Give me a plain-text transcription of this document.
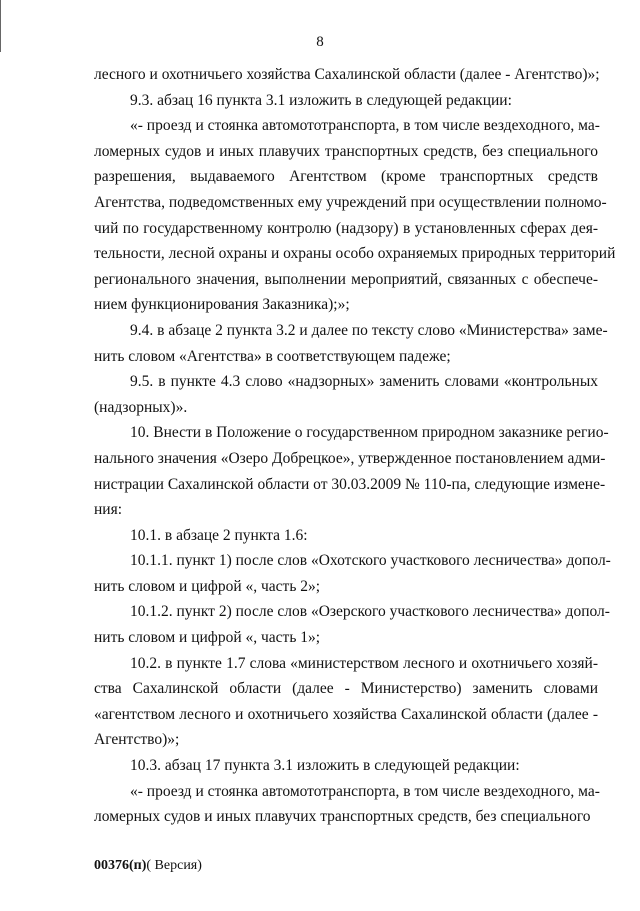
8
лесного и охотничьего хозяйства Сахалинской области (далее - Агентство)»;
9.3. абзац 16 пункта 3.1 изложить в следующей редакции:
«- проезд и стоянка автомототранспорта, в том числе вездеходного, ма-
ломерных судов и иных плавучих транспортных средств, без специального
разрешения, выдаваемого Агентством (кроме транспортных средств
Агентства, подведомственных ему учреждений при осуществлении полномо-
чий по государственному контролю (надзору) в установленных сферах дея-
тельности, лесной охраны и охраны особо охраняемых природных территорий
регионального значения, выполнении мероприятий, связанных с обеспече-
нием функционирования Заказника);»;
9.4. в абзаце 2 пункта 3.2 и далее по тексту слово «Министерства» заме-
нить словом «Агентства» в соответствующем падеже;
9.5. в пункте 4.3 слово «надзорных» заменить словами «контрольных
(надзорных)».
10. Внести в Положение о государственном природном заказнике регио-
нального значения «Озеро Добрецкое», утвержденное постановлением адми-
нистрации Сахалинской области от 30.03.2009 № 110-па, следующие измене-
ния:
10.1. в абзаце 2 пункта 1.6:
10.1.1. пункт 1) после слов «Охотского участкового лесничества» допол-
нить словом и цифрой «, часть 2»;
10.1.2. пункт 2) после слов «Озерского участкового лесничества» допол-
нить словом и цифрой «, часть 1»;
10.2. в пункте 1.7 слова «министерством лесного и охотничьего хозяй-
ства Сахалинской области (далее - Министерство) заменить словами
«агентством лесного и охотничьего хозяйства Сахалинской области (далее -
Агентство)»;
10.3. абзац 17 пункта 3.1 изложить в следующей редакции:
«- проезд и стоянка автомототранспорта, в том числе вездеходного, ма-
ломерных судов и иных плавучих транспортных средств, без специального
00376(п)( Версия)
